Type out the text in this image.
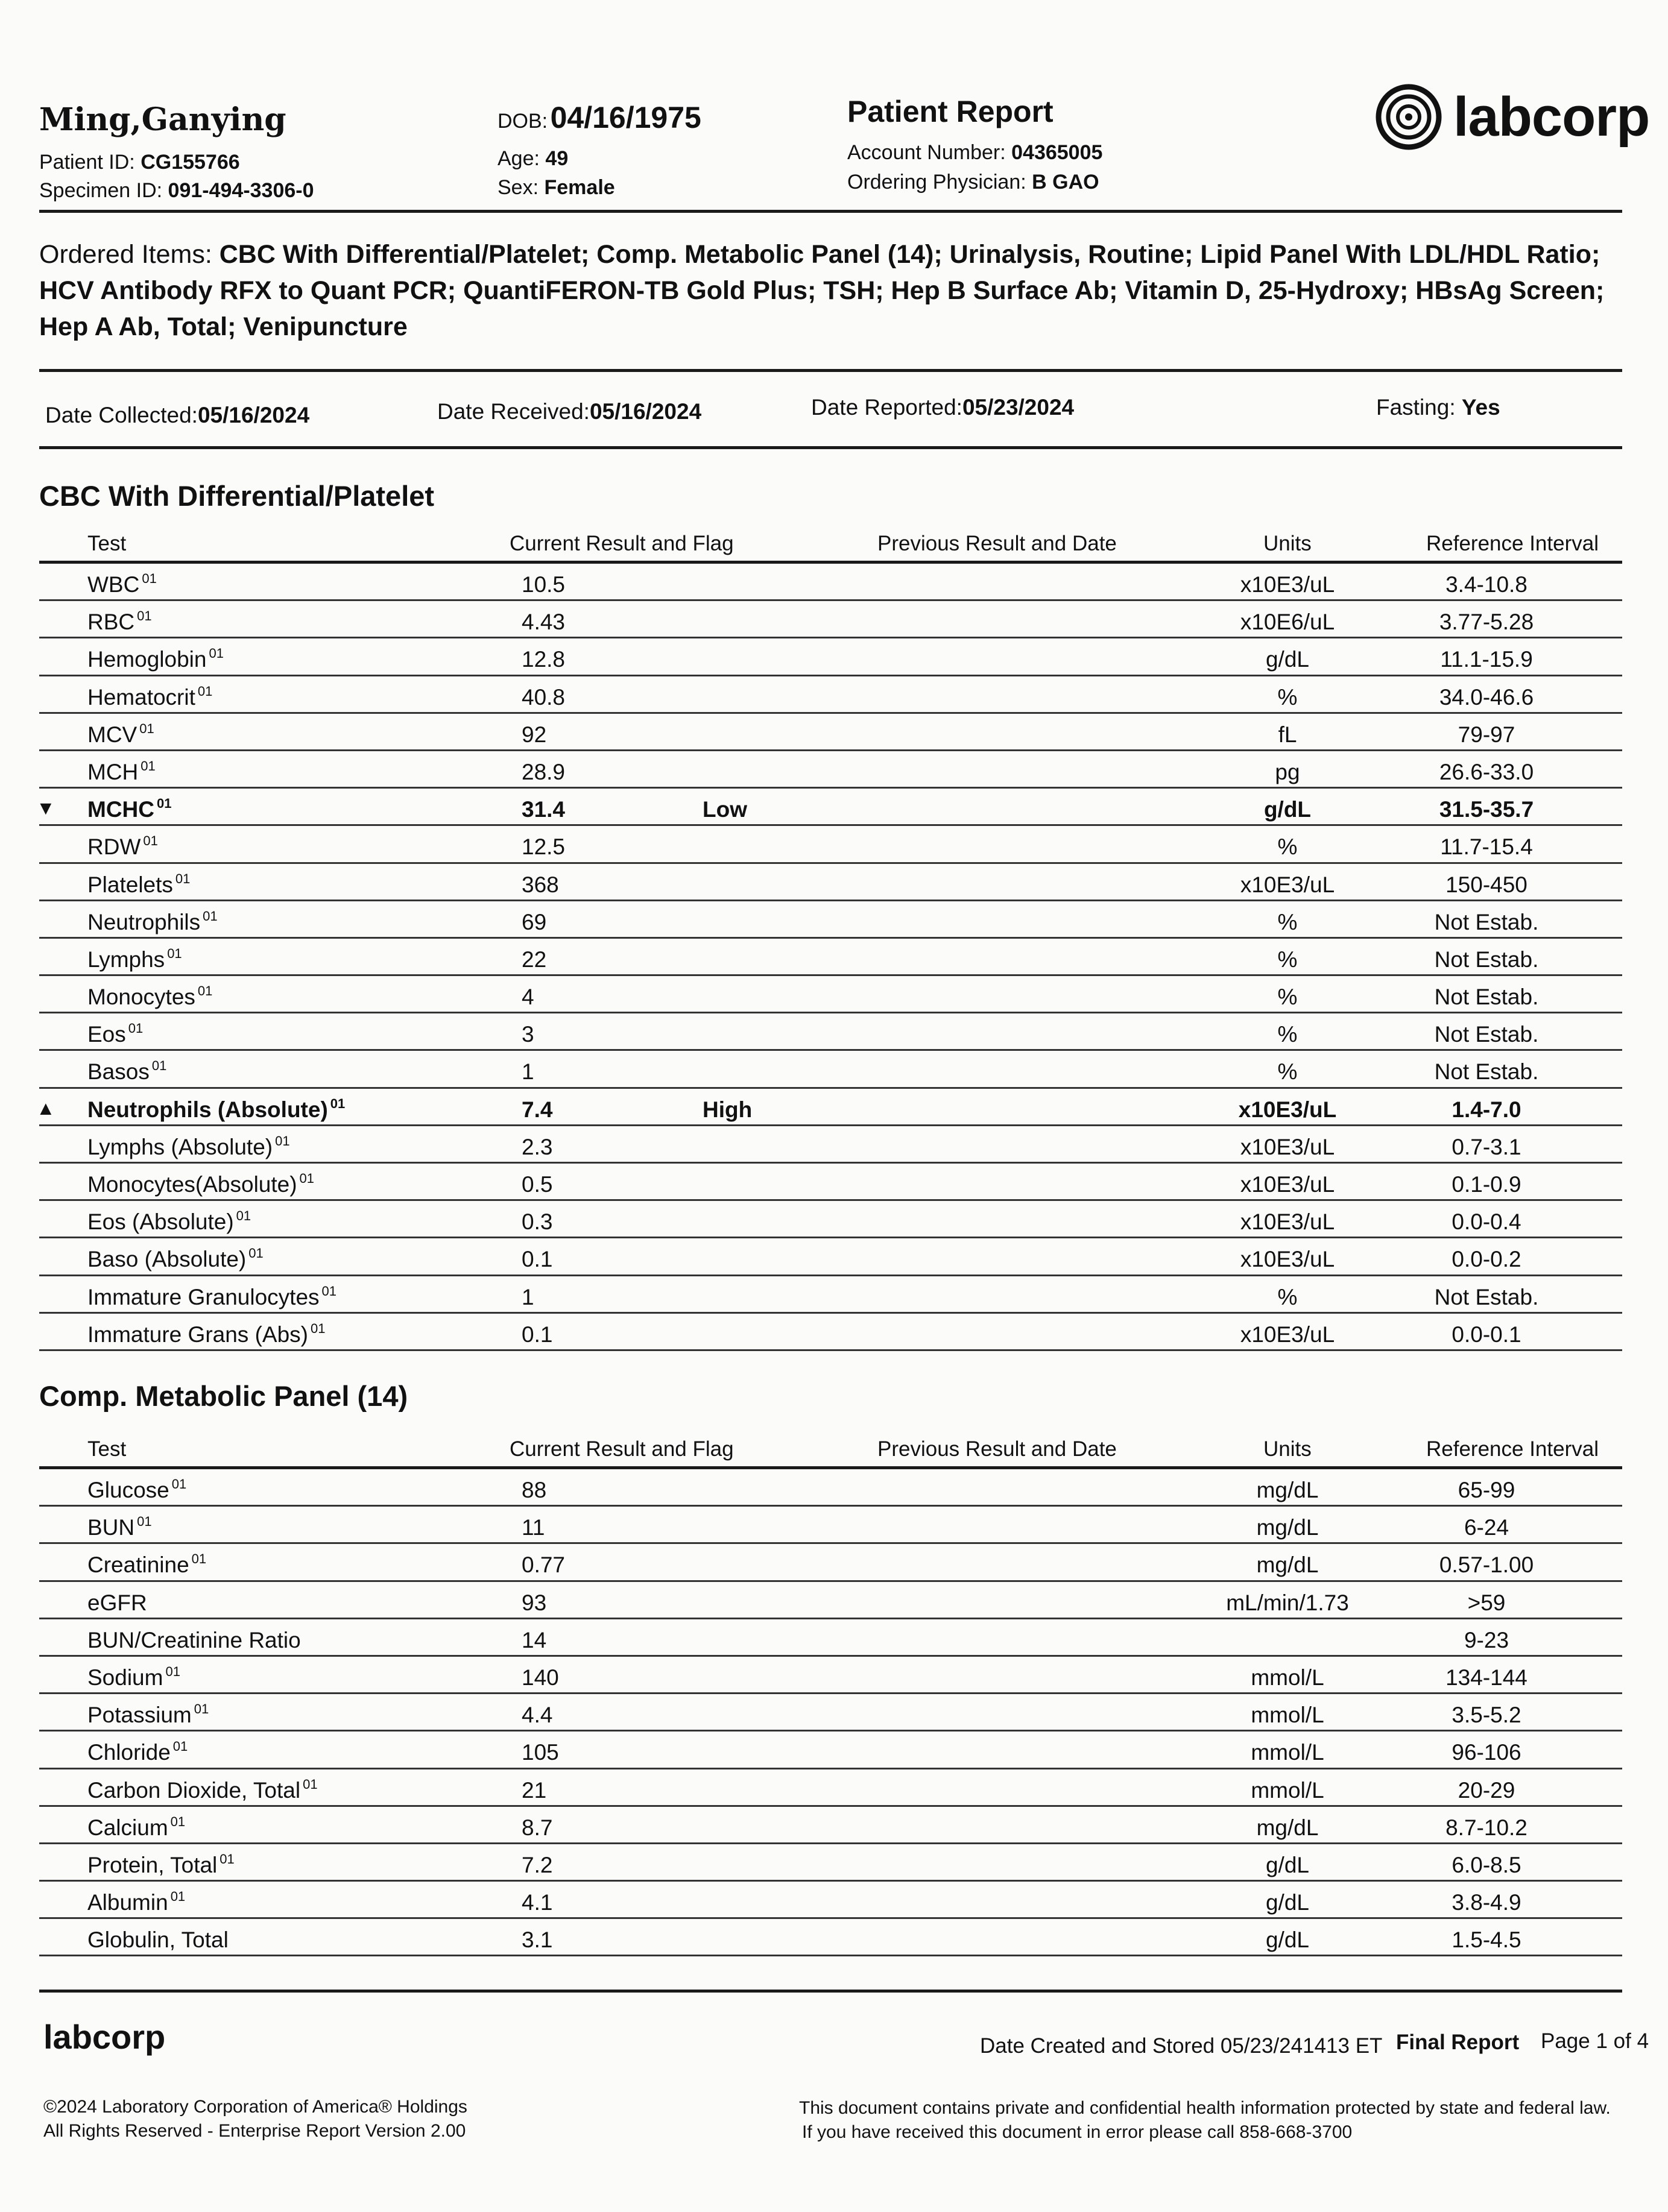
Ming,Ganying
Patient ID: CG155766
Specimen ID: 091-494-3306-0
DOB: 04/16/1975
Age: 49
Sex: Female
Patient Report
Account Number: 04365005
Ordering Physician: B GAO
labcorp
Ordered Items: CBC With Differential/Platelet; Comp. Metabolic Panel (14); Urinalysis, Routine; Lipid Panel With LDL/HDL Ratio; HCV Antibody RFX to Quant PCR; QuantiFERON-TB Gold Plus; TSH; Hep B Surface Ab; Vitamin D, 25-Hydroxy; HBsAg Screen; Hep A Ab, Total; Venipuncture
Date Collected:05/16/2024	Date Received:05/16/2024	Date Reported:05/23/2024	Fasting: Yes
CBC With Differential/Platelet
Test	Current Result and Flag	Previous Result and Date	Units	Reference Interval
WBC $^{01}$	10.5	x10E3/uL	3.4-10.8
RBC $^{01}$	4.43	x10E6/uL	3.77-5.28
Hemoglobin $^{01}$	12.8	g/dL	11.1-15.9
Hematocrit $^{01}$	40.8	%	34.0-46.6
MCV $^{01}$	92	fL	79-97
MCH $^{01}$	28.9	pg	26.6-33.0
▼ MCHC $^{01}$	31.4	Low	g/dL	31.5-35.7
RDW $^{01}$	12.5	%	11.7-15.4
Platelets $^{01}$	368	x10E3/uL	150-450
Neutrophils $^{01}$	69	%	Not Estab.
Lymphs $^{01}$	22	%	Not Estab.
Monocytes $^{01}$	4	%	Not Estab.
Eos $^{01}$	3	%	Not Estab.
Basos $^{01}$	1	%	Not Estab.
▲ Neutrophils (Absolute) $^{01}$	7.4	High	x10E3/uL	1.4-7.0
Lymphs (Absolute) $^{01}$	2.3	x10E3/uL	0.7-3.1
Monocytes(Absolute) $^{01}$	0.5	x10E3/uL	0.1-0.9
Eos (Absolute) $^{01}$	0.3	x10E3/uL	0.0-0.4
Baso (Absolute) $^{01}$	0.1	x10E3/uL	0.0-0.2
Immature Granulocytes $^{01}$	1	%	Not Estab.
Immature Grans (Abs) $^{01}$	0.1	x10E3/uL	0.0-0.1
Comp. Metabolic Panel (14)
Test	Current Result and Flag	Previous Result and Date	Units	Reference Interval
Glucose $^{01}$	88	mg/dL	65-99
BUN $^{01}$	11	mg/dL	6-24
Creatinine $^{01}$	0.77	mg/dL	0.57-1.00
eGFR	93	mL/min/1.73	>59
BUN/Creatinine Ratio	14	9-23
Sodium $^{01}$	140	mmol/L	134-144
Potassium $^{01}$	4.4	mmol/L	3.5-5.2
Chloride $^{01}$	105	mmol/L	96-106
Carbon Dioxide, Total $^{01}$	21	mmol/L	20-29
Calcium $^{01}$	8.7	mg/dL	8.7-10.2
Protein, Total $^{01}$	7.2	g/dL	6.0-8.5
Albumin $^{01}$	4.1	g/dL	3.8-4.9
Globulin, Total	3.1	g/dL	1.5-4.5
labcorp	Date Created and Stored 05/23/241413 ET Final Report Page 1 of 4
©2024 Laboratory Corporation of America® Holdings
All Rights Reserved - Enterprise Report Version 2.00
This document contains private and confidential health information protected by state and federal law.
If you have received this document in error please call 858-668-3700
